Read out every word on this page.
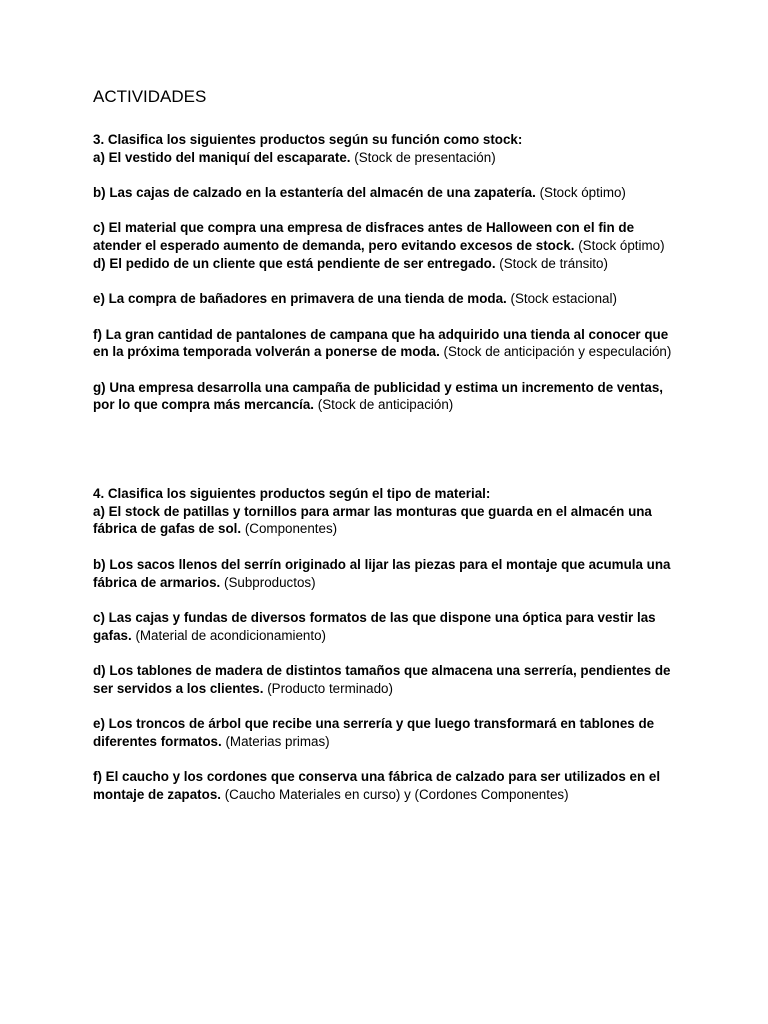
ACTIVIDADES

3. Clasifica los siguientes productos según su función como stock:

a) El vestido del maniquí del escaparate. (Stock de presentación)

b) Las cajas de calzado en la estantería del almacén de una zapatería. (Stock óptimo)

c) El material que compra una empresa de disfraces antes de Halloween con el fin de atender el esperado aumento de demanda, pero evitando excesos de stock. (Stock óptimo)

d) El pedido de un cliente que está pendiente de ser entregado. (Stock de tránsito)

e) La compra de bañadores en primavera de una tienda de moda. (Stock estacional)

f) La gran cantidad de pantalones de campana que ha adquirido una tienda al conocer que en la próxima temporada volverán a ponerse de moda. (Stock de anticipación y especulación)

g) Una empresa desarrolla una campaña de publicidad y estima un incremento de ventas, por lo que compra más mercancía. (Stock de anticipación)

4. Clasifica los siguientes productos según el tipo de material:

a) El stock de patillas y tornillos para armar las monturas que guarda en el almacén una fábrica de gafas de sol. (Componentes)

b) Los sacos llenos del serrín originado al lijar las piezas para el montaje que acumula una fábrica de armarios. (Subproductos)

c) Las cajas y fundas de diversos formatos de las que dispone una óptica para vestir las gafas. (Material de acondicionamiento)

d) Los tablones de madera de distintos tamaños que almacena una serrería, pendientes de ser servidos a los clientes. (Producto terminado)

e) Los troncos de árbol que recibe una serrería y que luego transformará en tablones de diferentes formatos. (Materias primas)

f) El caucho y los cordones que conserva una fábrica de calzado para ser utilizados en el montaje de zapatos. (Caucho Materiales en curso) y (Cordones Componentes)
